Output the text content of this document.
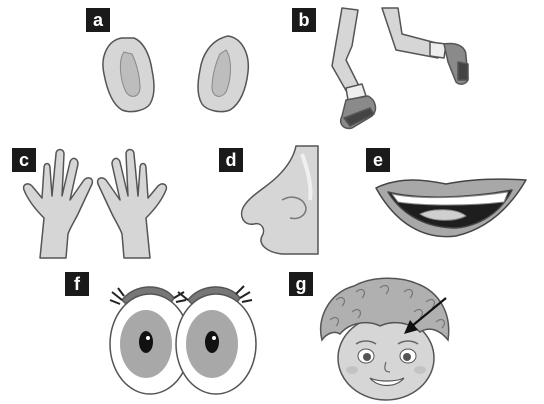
a	b
c	d	e
f	g
